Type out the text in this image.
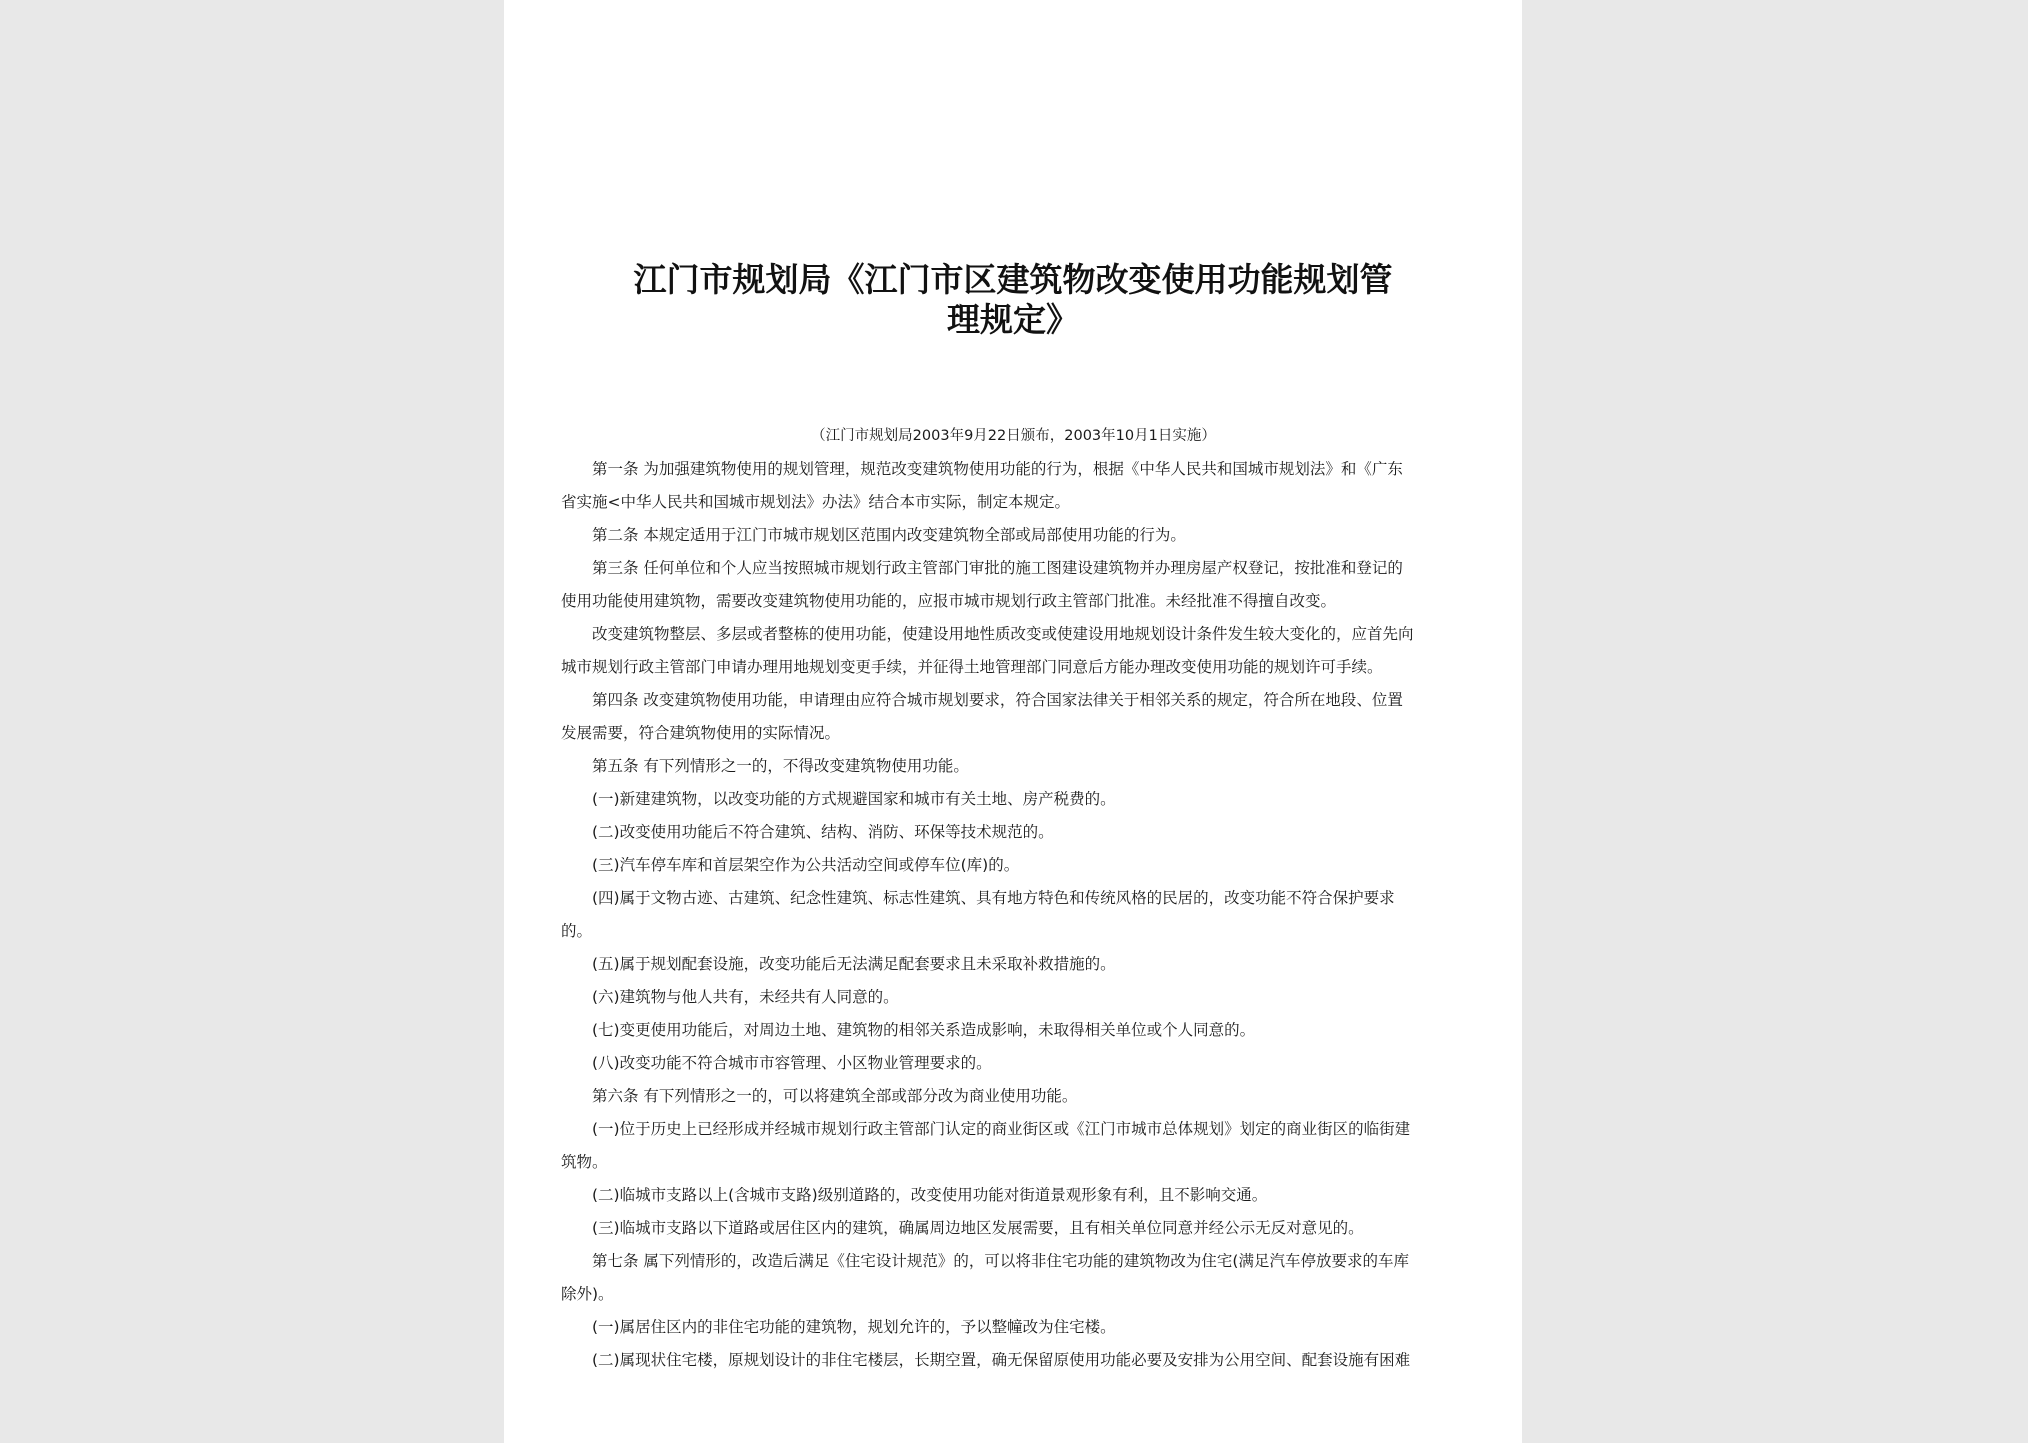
江门市规划局《江门市区建筑物改变使用功能规划管
理规定》
（江门市规划局2003年9月22日颁布，2003年10月1日实施）
第一条 为加强建筑物使用的规划管理，规范改变建筑物使用功能的行为，根据《中华人民共和国城市规划法》和《广东
省实施<中华人民共和国城市规划法》办法》结合本市实际，制定本规定。
第二条 本规定适用于江门市城市规划区范围内改变建筑物全部或局部使用功能的行为。
第三条 任何单位和个人应当按照城市规划行政主管部门审批的施工图建设建筑物并办理房屋产权登记，按批准和登记的
使用功能使用建筑物，需要改变建筑物使用功能的，应报市城市规划行政主管部门批准。未经批准不得擅自改变。
改变建筑物整层、多层或者整栋的使用功能，使建设用地性质改变或使建设用地规划设计条件发生较大变化的，应首先向
城市规划行政主管部门申请办理用地规划变更手续，并征得土地管理部门同意后方能办理改变使用功能的规划许可手续。
第四条 改变建筑物使用功能，申请理由应符合城市规划要求，符合国家法律关于相邻关系的规定，符合所在地段、位置
发展需要，符合建筑物使用的实际情况。
第五条 有下列情形之一的，不得改变建筑物使用功能。
(一)新建建筑物，以改变功能的方式规避国家和城市有关土地、房产税费的。
(二)改变使用功能后不符合建筑、结构、消防、环保等技术规范的。
(三)汽车停车库和首层架空作为公共活动空间或停车位(库)的。
(四)属于文物古迹、古建筑、纪念性建筑、标志性建筑、具有地方特色和传统风格的民居的，改变功能不符合保护要求
的。
(五)属于规划配套设施，改变功能后无法满足配套要求且未采取补救措施的。
(六)建筑物与他人共有，未经共有人同意的。
(七)变更使用功能后，对周边土地、建筑物的相邻关系造成影响，未取得相关单位或个人同意的。
(八)改变功能不符合城市市容管理、小区物业管理要求的。
第六条 有下列情形之一的，可以将建筑全部或部分改为商业使用功能。
(一)位于历史上已经形成并经城市规划行政主管部门认定的商业街区或《江门市城市总体规划》划定的商业街区的临街建
筑物。
(二)临城市支路以上(含城市支路)级别道路的，改变使用功能对街道景观形象有利，且不影响交通。
(三)临城市支路以下道路或居住区内的建筑，确属周边地区发展需要，且有相关单位同意并经公示无反对意见的。
第七条 属下列情形的，改造后满足《住宅设计规范》的，可以将非住宅功能的建筑物改为住宅(满足汽车停放要求的车库
除外)。
(一)属居住区内的非住宅功能的建筑物，规划允许的，予以整幢改为住宅楼。
(二)属现状住宅楼，原规划设计的非住宅楼层，长期空置，确无保留原使用功能必要及安排为公用空间、配套设施有困难
